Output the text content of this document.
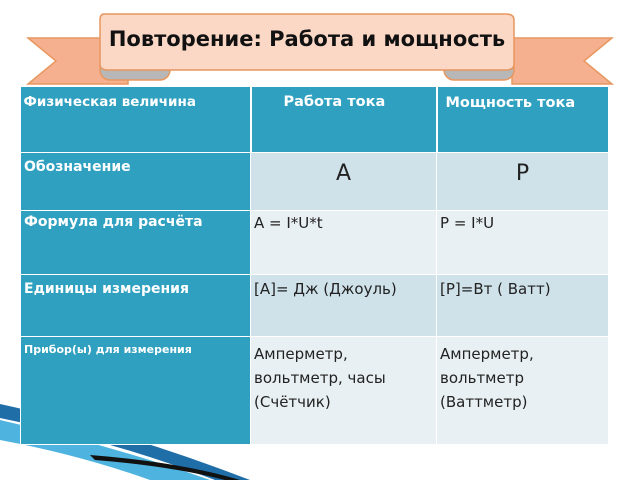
Повторение: Работа и мощность
Физическая величина	Работа тока	Мощность тока

Обозначение	А	P

Формула для расчёта	А = I*U*t	P = I*U

Единицы измерения	[A]= Дж (Джоуль)	[P]=Вт ( Ватт)

Прибор(ы) для измерения	Амперметр, вольтметр, часы (Счётчик)	Амперметр, вольтметр (Ваттметр)
